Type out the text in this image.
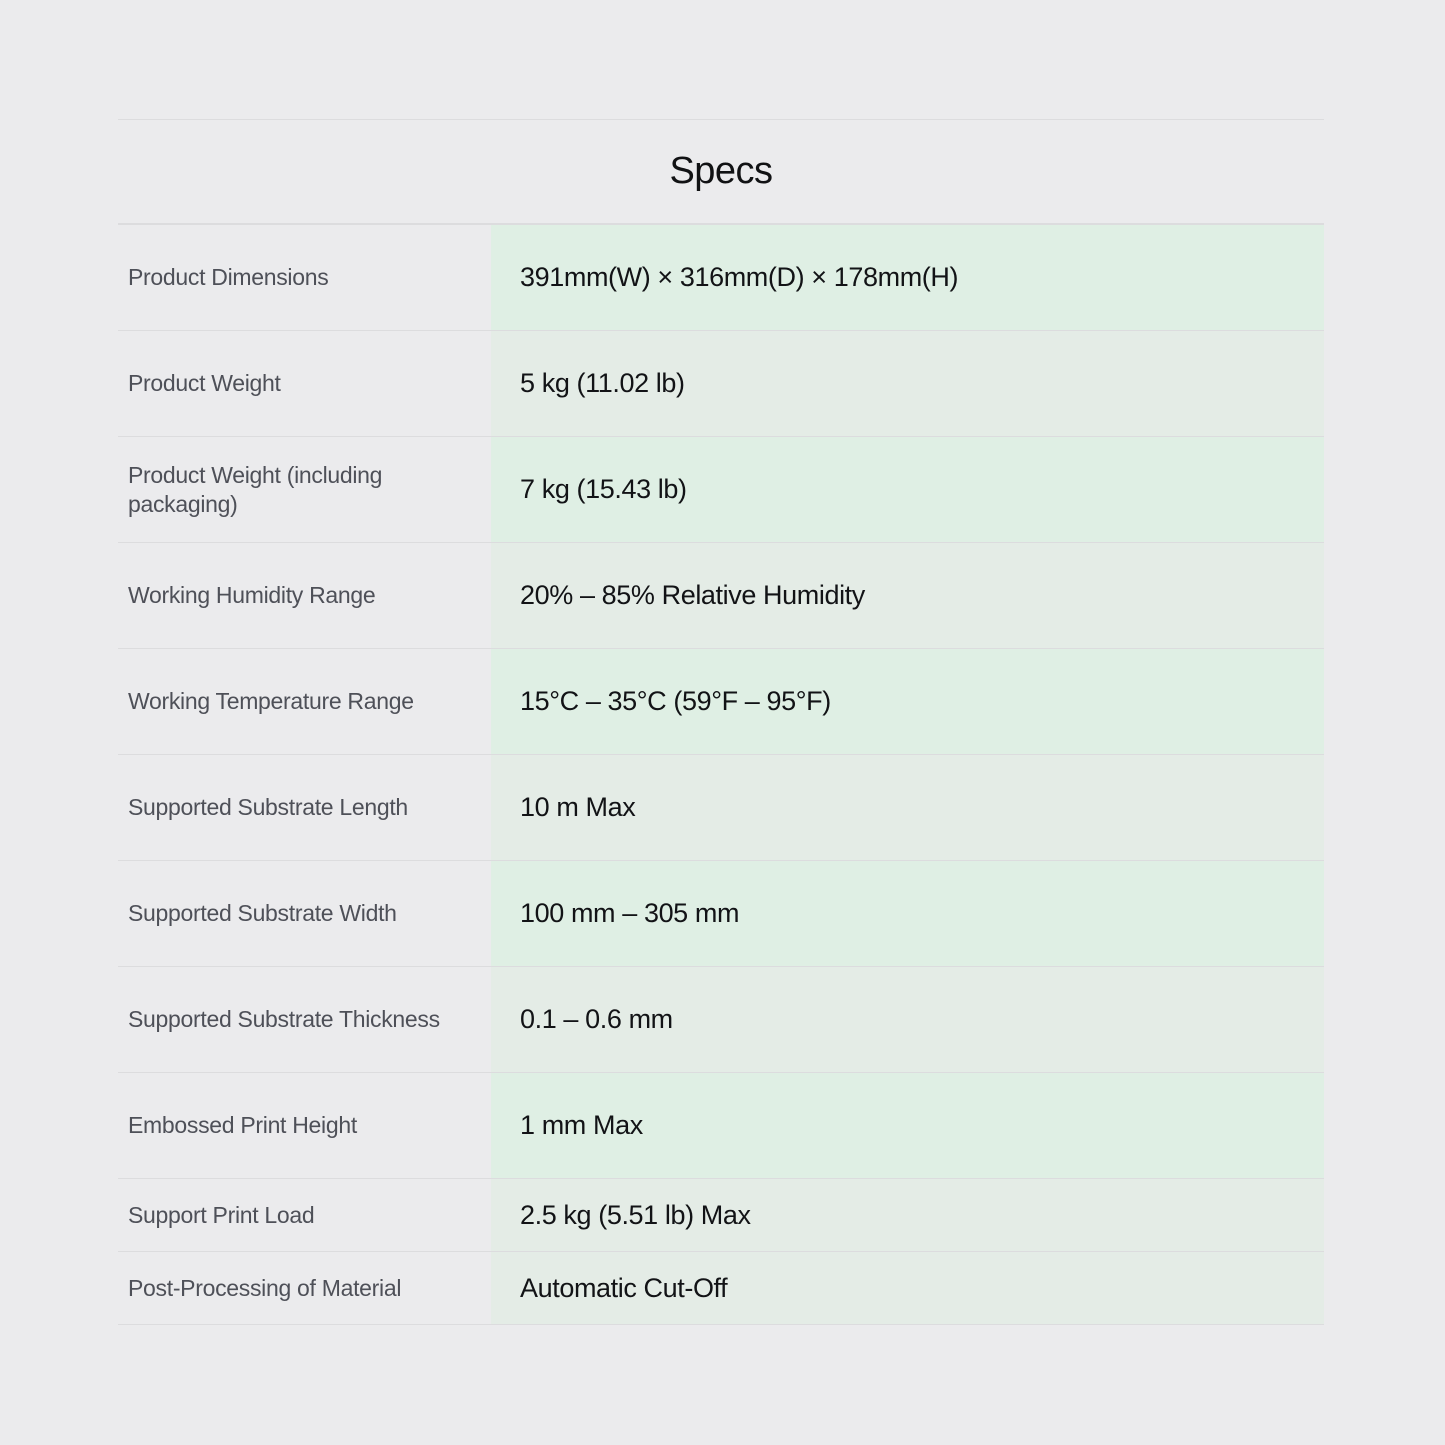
Specs
Product Dimensions	391mm(W) × 316mm(D) × 178mm(H)
Product Weight	5 kg (11.02 lb)
Product Weight (including packaging)	7 kg (15.43 lb)
Working Humidity Range	20% – 85% Relative Humidity
Working Temperature Range	15°C – 35°C (59°F – 95°F)
Supported Substrate Length	10 m Max
Supported Substrate Width	100 mm – 305 mm
Supported Substrate Thickness	0.1 – 0.6 mm
Embossed Print Height	1 mm Max
Support Print Load	2.5 kg (5.51 lb) Max
Post-Processing of Material	Automatic Cut-Off
